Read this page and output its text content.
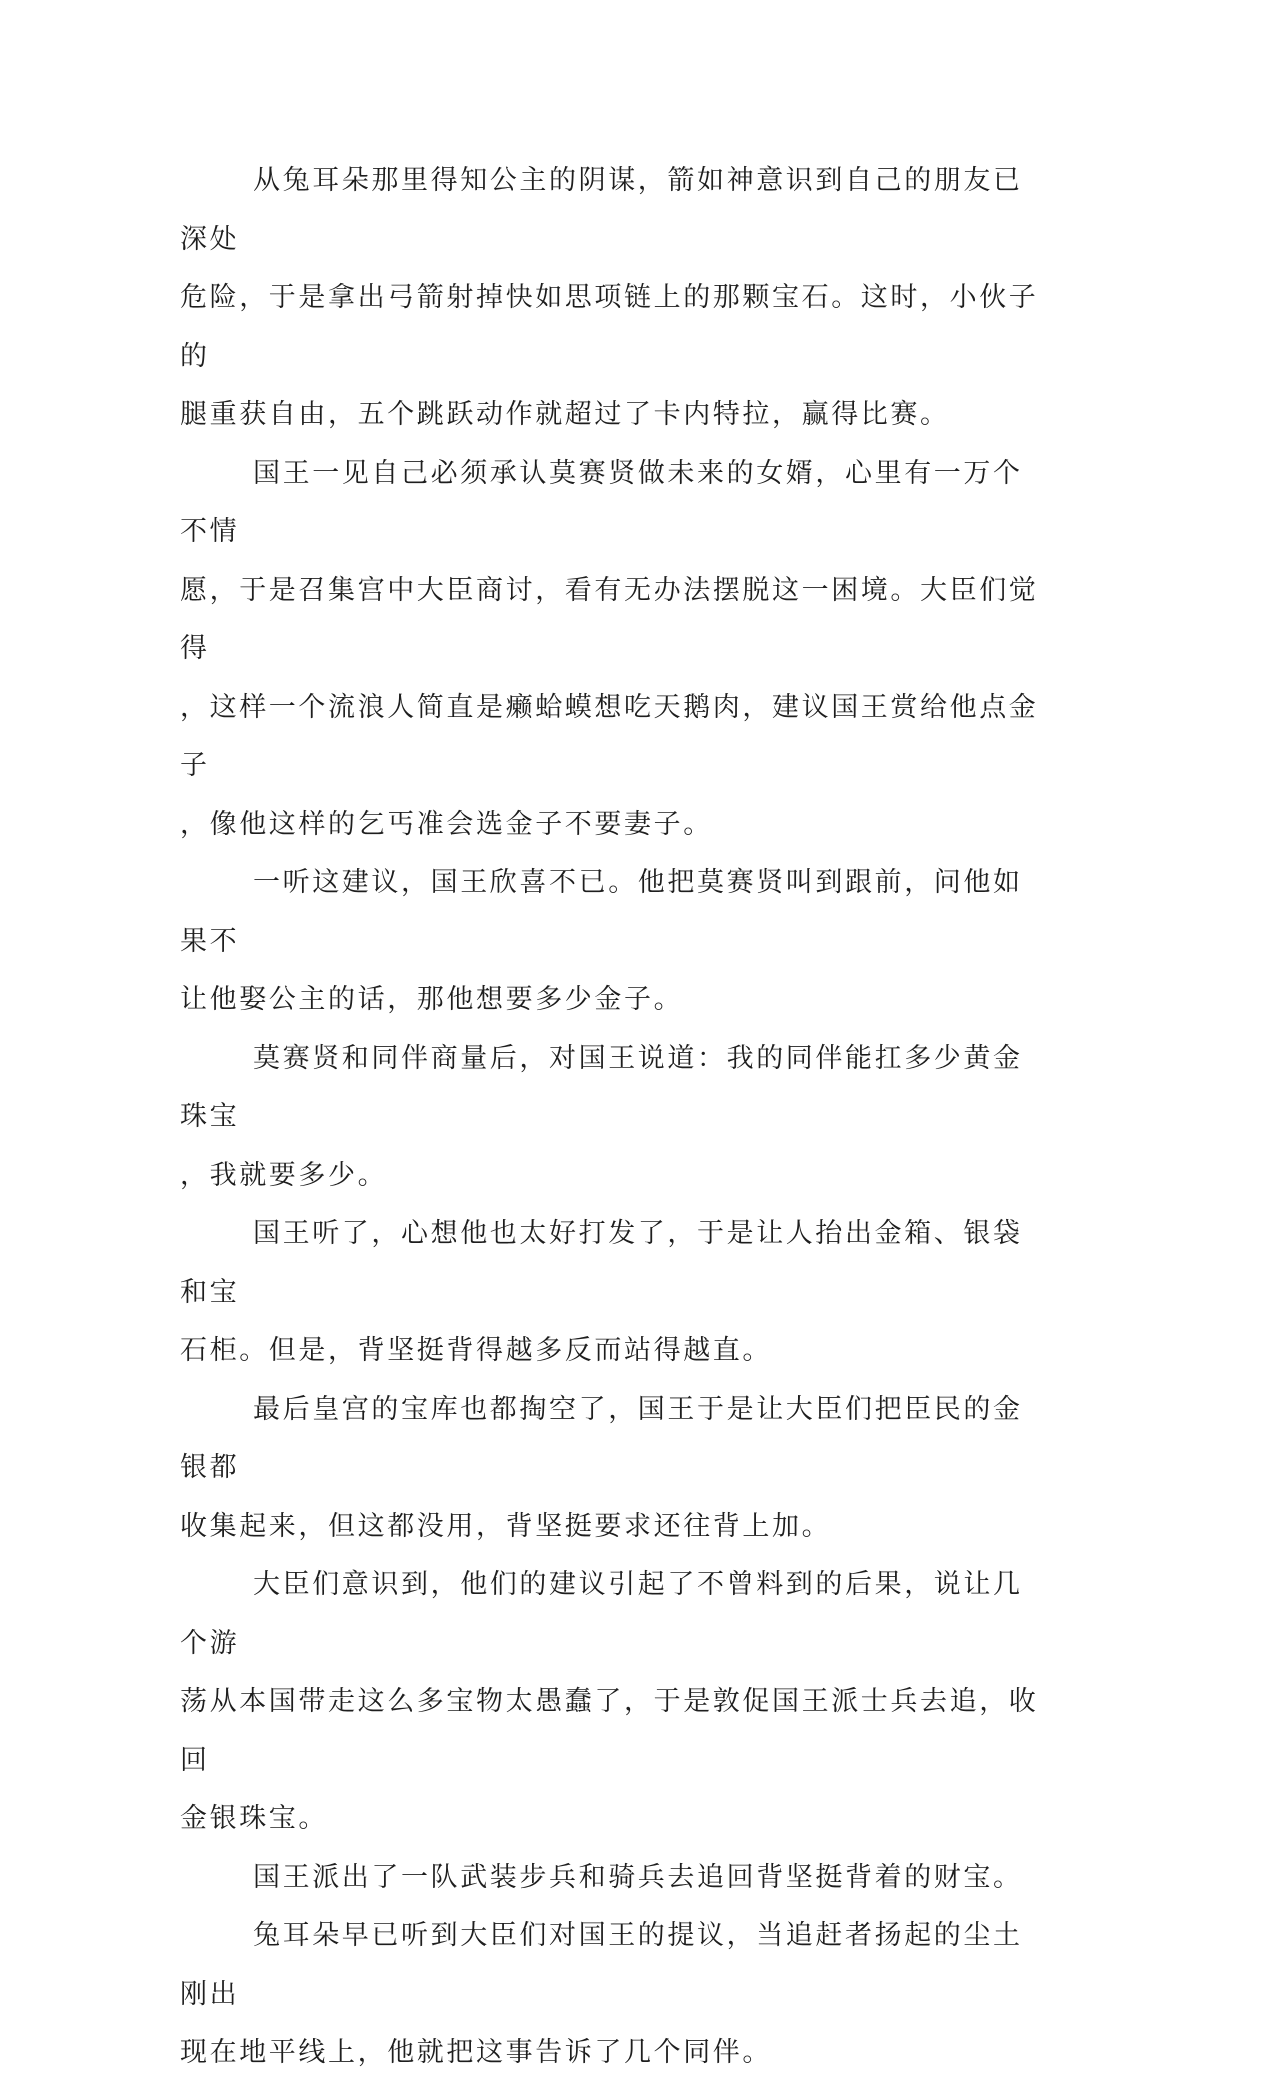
从兔耳朵那里得知公主的阴谋，箭如神意识到自己的朋友已深处
危险，于是拿出弓箭射掉快如思项链上的那颗宝石。这时，小伙子的
腿重获自由，五个跳跃动作就超过了卡内特拉，赢得比赛。

国王一见自己必须承认莫赛贤做未来的女婿，心里有一万个不情
愿，于是召集宫中大臣商讨，看有无办法摆脱这一困境。大臣们觉得
，这样一个流浪人简直是癞蛤蟆想吃天鹅肉，建议国王赏给他点金子
，像他这样的乞丐准会选金子不要妻子。

一听这建议，国王欣喜不已。他把莫赛贤叫到跟前，问他如果不
让他娶公主的话，那他想要多少金子。

莫赛贤和同伴商量后，对国王说道：我的同伴能扛多少黄金珠宝
，我就要多少。

国王听了，心想他也太好打发了，于是让人抬出金箱、银袋和宝
石柜。但是，背坚挺背得越多反而站得越直。

最后皇宫的宝库也都掏空了，国王于是让大臣们把臣民的金银都
收集起来，但这都没用，背坚挺要求还往背上加。

大臣们意识到，他们的建议引起了不曾料到的后果，说让几个游
荡从本国带走这么多宝物太愚蠢了，于是敦促国王派士兵去追，收回
金银珠宝。

国王派出了一队武装步兵和骑兵去追回背坚挺背着的财宝。

兔耳朵早已听到大臣们对国王的提议，当追赶者扬起的尘土刚出
现在地平线上，他就把这事告诉了几个同伴。
